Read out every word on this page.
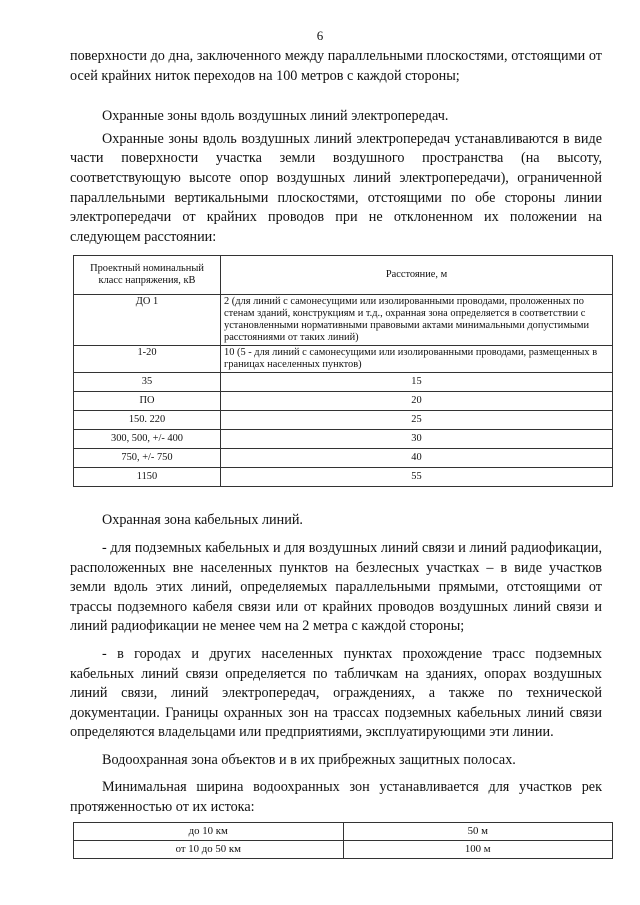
6

поверхности до дна, заключенного между параллельными плоскостями, отстоящими от осей крайних ниток переходов на 100 метров с каждой стороны;

Охранные зоны вдоль воздушных линий электропередач.

Охранные зоны вдоль воздушных линий электропередач устанавливаются в виде части поверхности участка земли воздушного пространства (на высоту, соответствующую высоте опор воздушных линий электропередачи), ограниченной параллельными вертикальными плоскостями, отстоящими по обе стороны линии электропередачи от крайних проводов при не отклоненном их положении на следующем расстоянии:

Проектный номинальный класс напряжения, кВ	Расстояние, м
ДО 1	2 (для линий с самонесущими или изолированными проводами, проложенных по стенам зданий, конструкциям и т.д., охранная зона определяется в соответствии с установленными нормативными правовыми актами минимальными допустимыми расстояниями от таких линий)
1-20	10 (5 - для линий с самонесущими или изолированными проводами, размещенных в границах населенных пунктов)
35	15
ПО	20
150. 220	25
300, 500, +/- 400	30
750, +/- 750	40
1150	55

Охранная зона кабельных линий.

- для подземных кабельных и для воздушных линий связи и линий радиофикации, расположенных вне населенных пунктов на безлесных участках – в виде участков земли вдоль этих линий, определяемых параллельными прямыми, отстоящими от трассы подземного кабеля связи или от крайних проводов воздушных линий связи и линий радиофикации не менее чем на 2 метра с каждой стороны;

- в городах и других населенных пунктах прохождение трасс подземных кабельных линий связи определяется по табличкам на зданиях, опорах воздушных линий связи, линий электропередач, ограждениях, а также по технической документации. Границы охранных зон на трассах подземных кабельных линий связи определяются владельцами или предприятиями, эксплуатирующими эти линии.

Водоохранная зона объектов и в их прибрежных защитных полосах.

Минимальная ширина водоохранных зон устанавливается для участков рек протяженностью от их истока:

до 10 км	50 м
от 10 до 50 км	100 м
